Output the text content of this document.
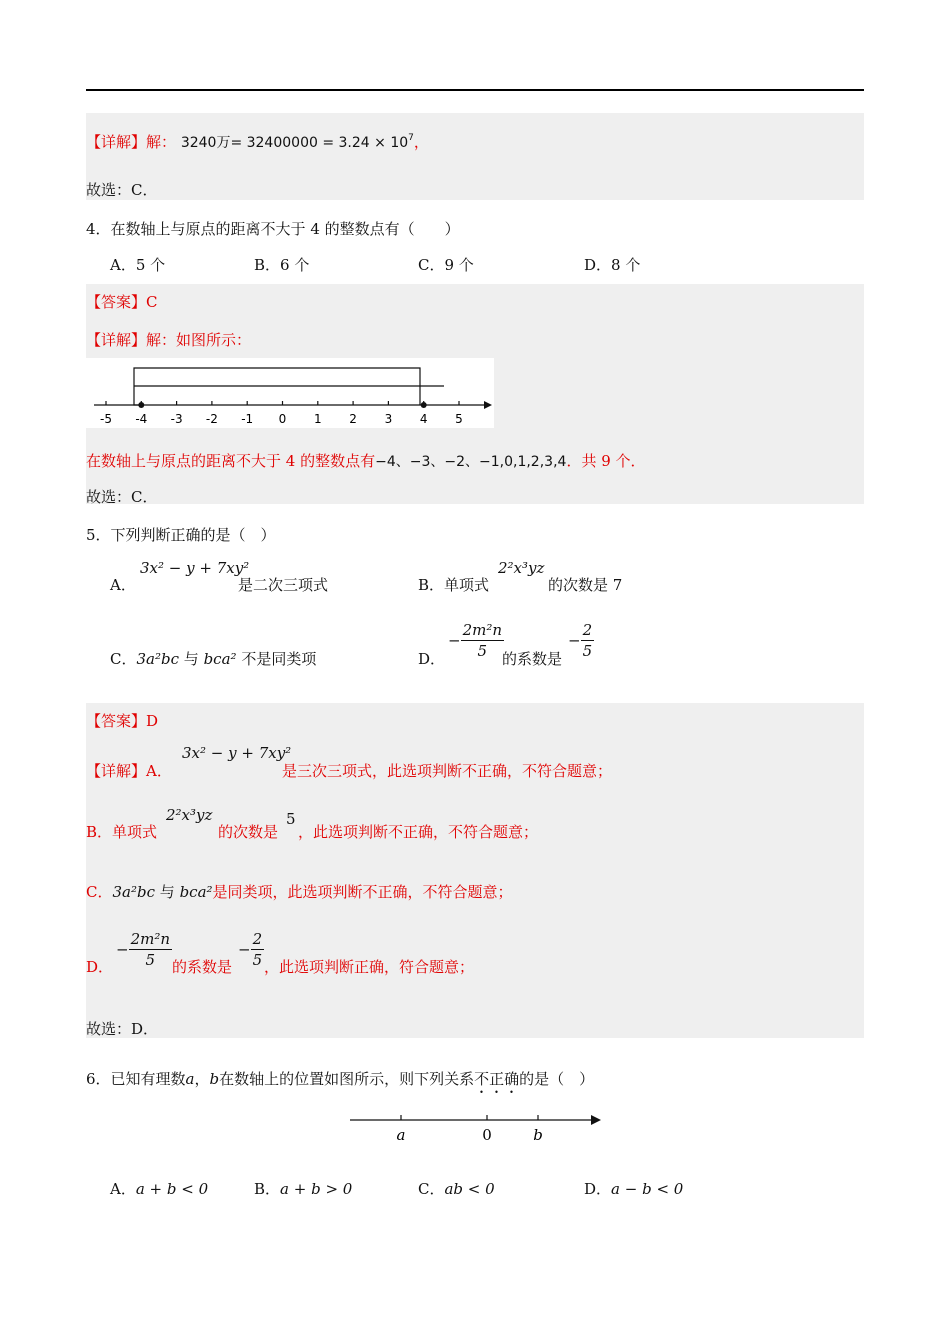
【详解】解： 3240万= $32400000 = 3.24 \times 10^7$，
故选：C．
4．在数轴上与原点的距离不大于 4 的整数点有（　　）
A．5 个	B．6 个	C．9 个	D．8 个
【答案】C
【详解】解：如图所示：
-5 -4 -3 -2 -1 0 1 2 3 4 5
在数轴上与原点的距离不大于 4 的整数点有−4、−3、−2、−1,0,1,2,3,4．共 9 个．
故选：C．
5．下列判断正确的是（　）
A．
3x² − y + 7xy²
是二次三项式	B．单项式
2²x³yz
的次数是 7
C．3a²bc 与 bca² 不是同类项	D．
− $\frac{\text{2m²n}}{5}$
的系数是
− $\frac{2}{5}$
【答案】D
【详解】A．
3x² − y + 7xy²
是三次三项式，此选项判断不正确，不符合题意；
B．单项式
2²x³yz
的次数是
5
，此选项判断不正确，不符合题意；
C．3a²bc 与 bca²是同类项，此选项判断不正确，不符合题意；
D．
− $\frac{\text{2m²n}}{5}$ 的系数是
− $\frac{2}{5}$ ，此选项判断正确，符合题意；
故选：D．
6．已知有理数a，b在数轴上的位置如图所示，则下列关系不正确的是（　）
a	0	b
A．a + b < 0	B．a + b > 0	C．ab < 0	D．a − b < 0
